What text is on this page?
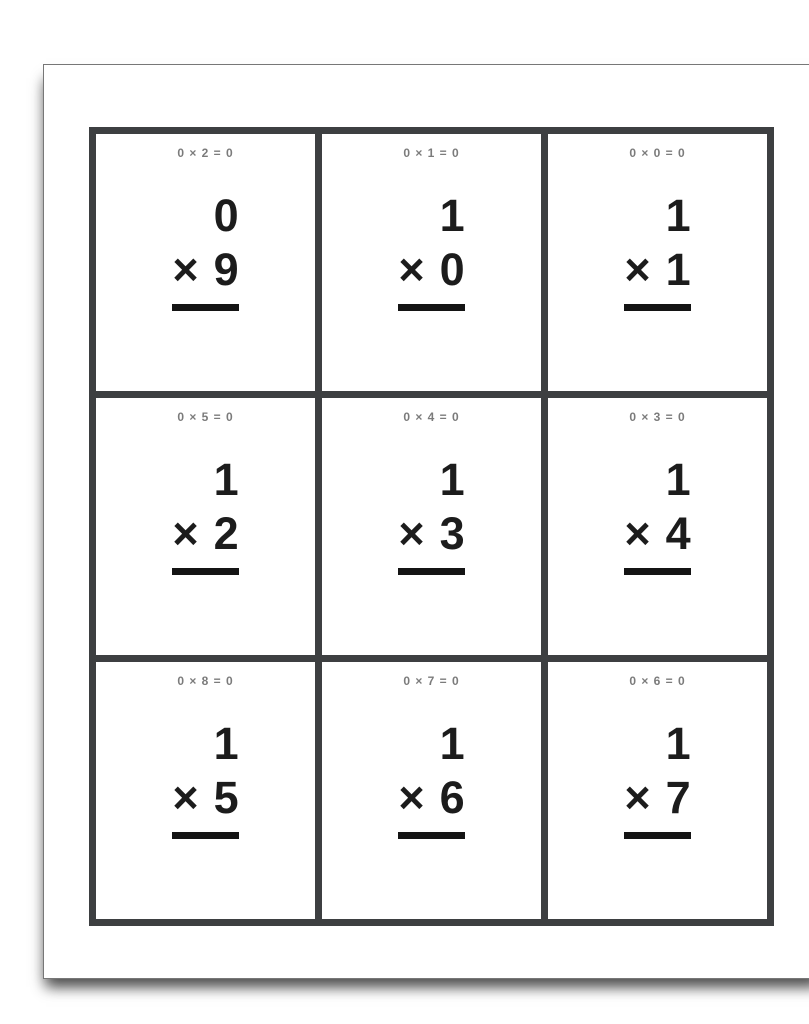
0 × 2 = 0
0
× 9
0 × 1 = 0
1
× 0
0 × 0 = 0
1
× 1
0 × 5 = 0
1
× 2
0 × 4 = 0
1
× 3
0 × 3 = 0
1
× 4
0 × 8 = 0
1
× 5
0 × 7 = 0
1
× 6
0 × 6 = 0
1
× 7
